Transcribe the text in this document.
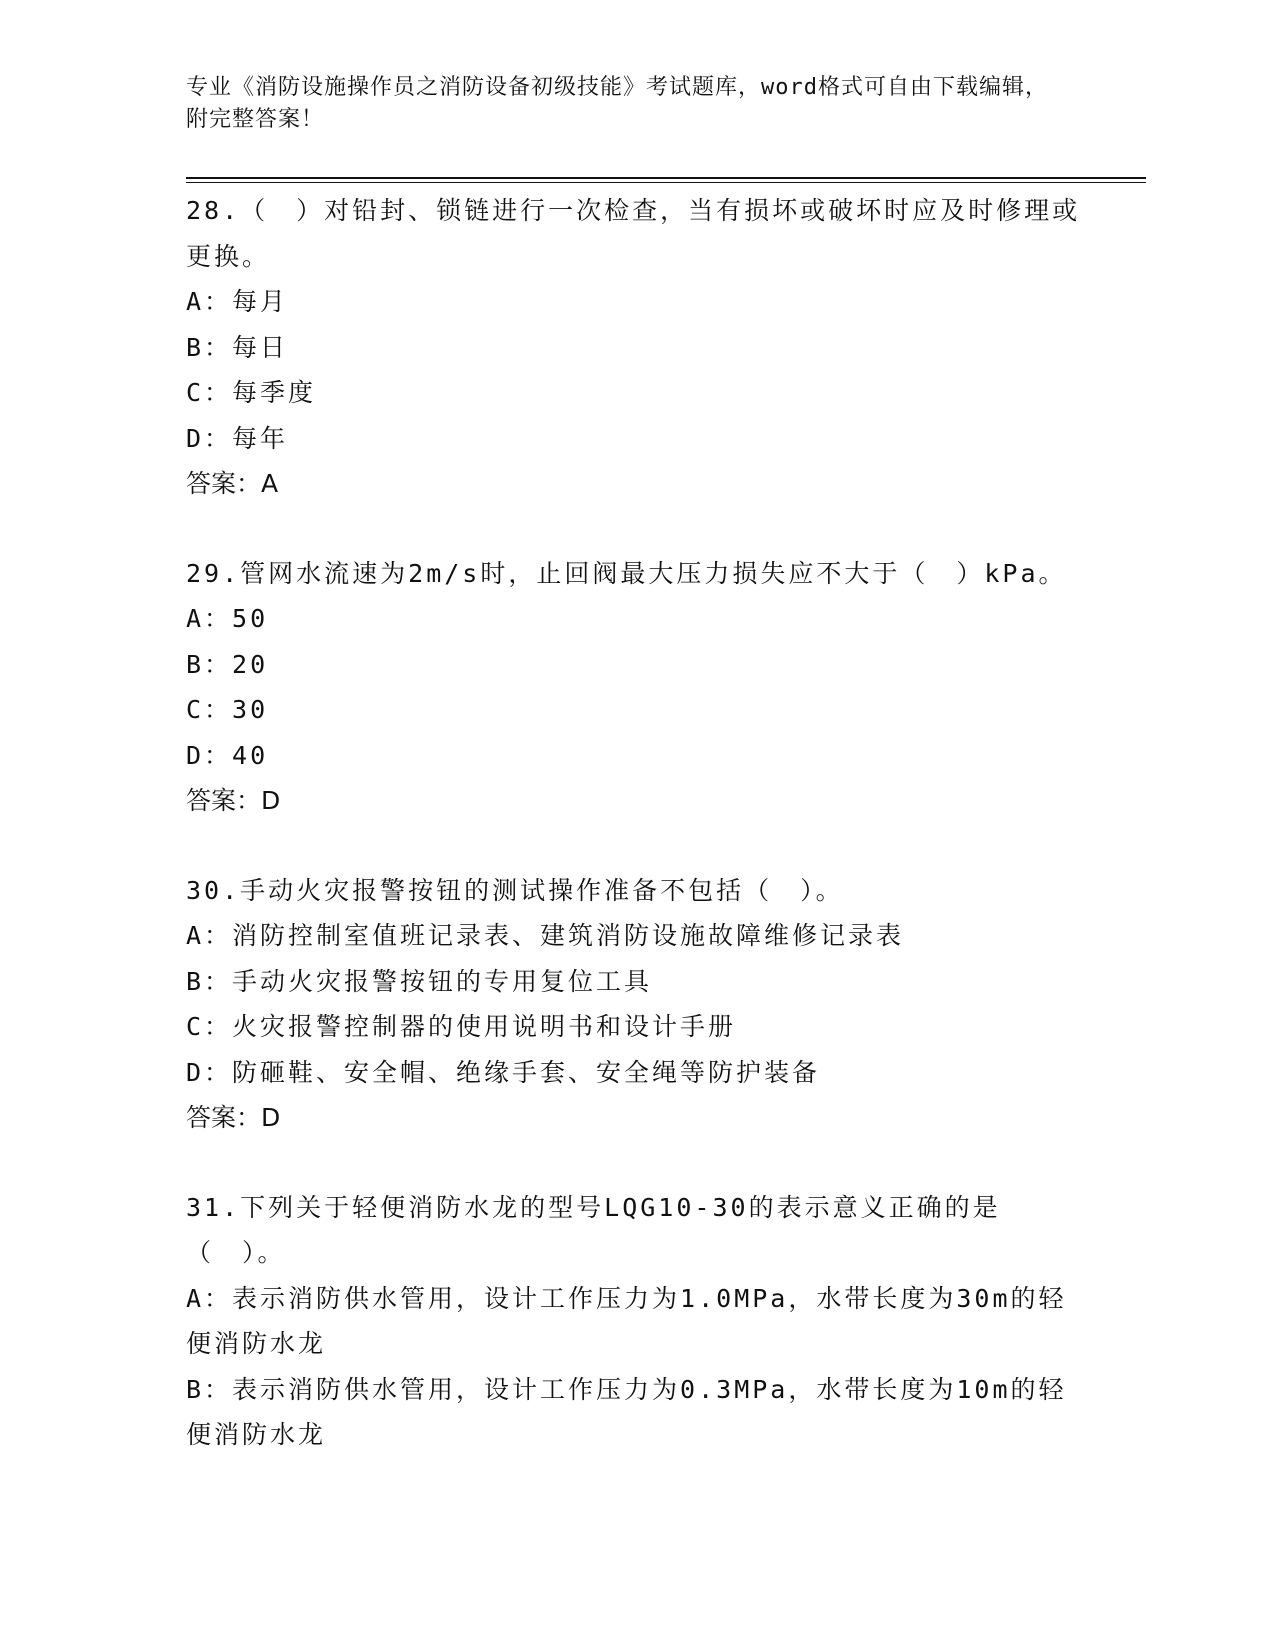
专业《消防设施操作员之消防设备初级技能》考试题库，word格式可自由下载编辑，附完整答案！

28.（　）对铅封、锁链进行一次检查，当有损坏或破坏时应及时修理或更换。

A：每月

B：每日

C：每季度

D：每年

答案：A

29.管网水流速为2m/s时，止回阀最大压力损失应不大于（　）kPa。

A：50

B：20

C：30

D：40

答案：D

30.手动火灾报警按钮的测试操作准备不包括（　）。

A：消防控制室值班记录表、建筑消防设施故障维修记录表

B：手动火灾报警按钮的专用复位工具

C：火灾报警控制器的使用说明书和设计手册

D：防砸鞋、安全帽、绝缘手套、安全绳等防护装备

答案：D

31.下列关于轻便消防水龙的型号LQG10-30的表示意义正确的是（　）。

A：表示消防供水管用，设计工作压力为1.0MPa，水带长度为30m的轻便消防水龙

B：表示消防供水管用，设计工作压力为0.3MPa，水带长度为10m的轻便消防水龙
